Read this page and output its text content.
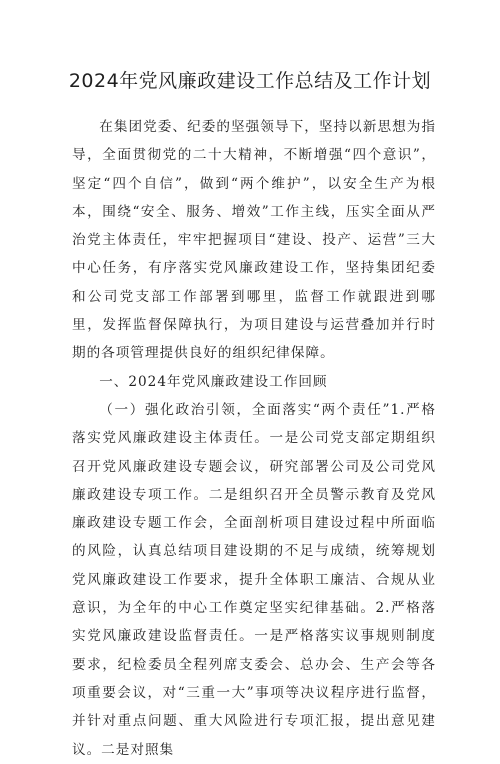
2024年党风廉政建设工作总结及工作计划

在集团党委、纪委的坚强领导下，坚持以新思想为指导，全面贯彻党的二十大精神，不断增强“四个意识”，坚定“四个自信”，做到“两个维护”，以安全生产为根本，围绕“安全、服务、增效”工作主线，压实全面从严治党主体责任，牢牢把握项目“建设、投产、运营”三大中心任务，有序落实党风廉政建设工作，坚持集团纪委和公司党支部工作部署到哪里，监督工作就跟进到哪里，发挥监督保障执行，为项目建设与运营叠加并行时期的各项管理提供良好的组织纪律保障。

一、2024年党风廉政建设工作回顾

（一）强化政治引领，全面落实“两个责任”1.严格落实党风廉政建设主体责任。一是公司党支部定期组织召开党风廉政建设专题会议，研究部署公司及公司党风廉政建设专项工作。二是组织召开全员警示教育及党风廉政建设专题工作会，全面剖析项目建设过程中所面临的风险，认真总结项目建设期的不足与成绩，统筹规划党风廉政建设工作要求，提升全体职工廉洁、合规从业意识，为全年的中心工作奠定坚实纪律基础。2.严格落实党风廉政建设监督责任。一是严格落实议事规则制度要求，纪检委员全程列席支委会、总办会、生产会等各项重要会议，对“三重一大”事项等决议程序进行监督，并针对重点问题、重大风险进行专项汇报，提出意见建议。二是对照集
